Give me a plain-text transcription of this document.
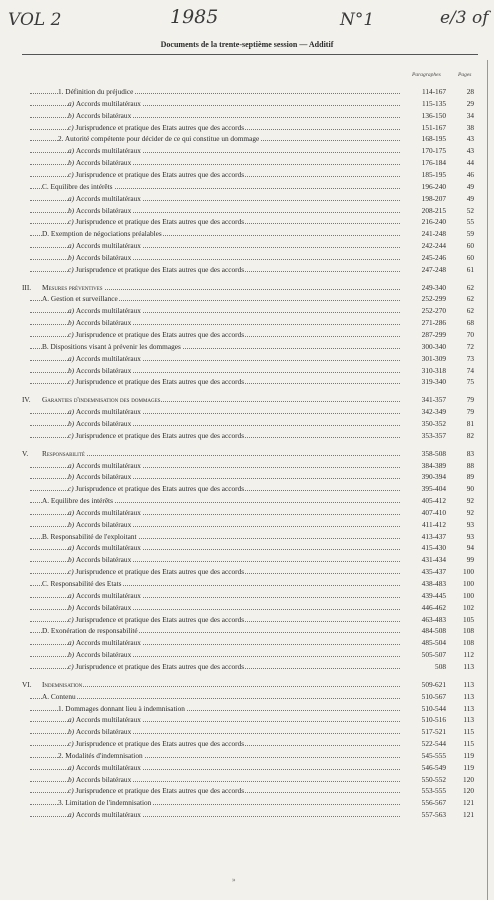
VOL 2	1985	N°1	e/3 of
Documents de la trente-septième session — Additif
Paragraphes	Pages
1. Définition du préjudice	114-167	28
a) Accords multilatéraux	115-135	29
b) Accords bilatéraux	136-150	34
c) Jurisprudence et pratique des Etats autres que des accords	151-167	38
2. Autorité compétente pour décider de ce qui constitue un dommage	168-195	43
a) Accords multilatéraux	170-175	43
b) Accords bilatéraux	176-184	44
c) Jurisprudence et pratique des Etats autres que des accords	185-195	46
C. Equilibre des intérêts	196-240	49
a) Accords multilatéraux	198-207	49
b) Accords bilatéraux	208-215	52
c) Jurisprudence et pratique des Etats autres que des accords	216-240	55
D. Exemption de négociations préalables	241-248	59
a) Accords multilatéraux	242-244	60
b) Accords bilatéraux	245-246	60
c) Jurisprudence et pratique des Etats autres que des accords	247-248	61
III.Mesures préventives	249-340	62
A. Gestion et surveillance	252-299	62
a) Accords multilatéraux	252-270	62
b) Accords bilatéraux	271-286	68
c) Jurisprudence et pratique des Etats autres que des accords	287-299	70
B. Dispositions visant à prévenir les dommages	300-340	72
a) Accords multilatéraux	301-309	73
b) Accords bilatéraux	310-318	74
c) Jurisprudence et pratique des Etats autres que des accords	319-340	75
IV.Garanties d'indemnisation des dommages	341-357	79
a) Accords multilatéraux	342-349	79
b) Accords bilatéraux	350-352	81
c) Jurisprudence et pratique des Etats autres que des accords	353-357	82
V.Responsabilité	358-508	83
a) Accords multilatéraux	384-389	88
b) Accords bilatéraux	390-394	89
c) Jurisprudence et pratique des Etats autres que des accords	395-404	90
A. Equilibre des intérêts	405-412	92
a) Accords multilatéraux	407-410	92
b) Accords bilatéraux	411-412	93
B. Responsabilité de l'exploitant	413-437	93
a) Accords multilatéraux	415-430	94
b) Accords bilatéraux	431-434	99
c) Jurisprudence et pratique des Etats autres que des accords	435-437	100
C. Responsabilité des Etats	438-483	100
a) Accords multilatéraux	439-445	100
b) Accords bilatéraux	446-462	102
c) Jurisprudence et pratique des Etats autres que des accords	463-483	105
D. Exonération de responsabilité	484-508	108
a) Accords multilatéraux	485-504	108
b) Accords bilatéraux	505-507	112
c) Jurisprudence et pratique des Etats autres que des accords	508	113
VI.Indemnisation	509-621	113
A. Contenu	510-567	113
1. Dommages donnant lieu à indemnisation	510-544	113
a) Accords multilatéraux	510-516	113
b) Accords bilatéraux	517-521	115
c) Jurisprudence et pratique des Etats autres que des accords	522-544	115
2. Modalités d'indemnisation	545-555	119
a) Accords multilatéraux	546-549	119
b) Accords bilatéraux	550-552	120
c) Jurisprudence et pratique des Etats autres que des accords	553-555	120
3. Limitation de l'indemnisation	556-567	121
a) Accords multilatéraux	557-563	121
»
